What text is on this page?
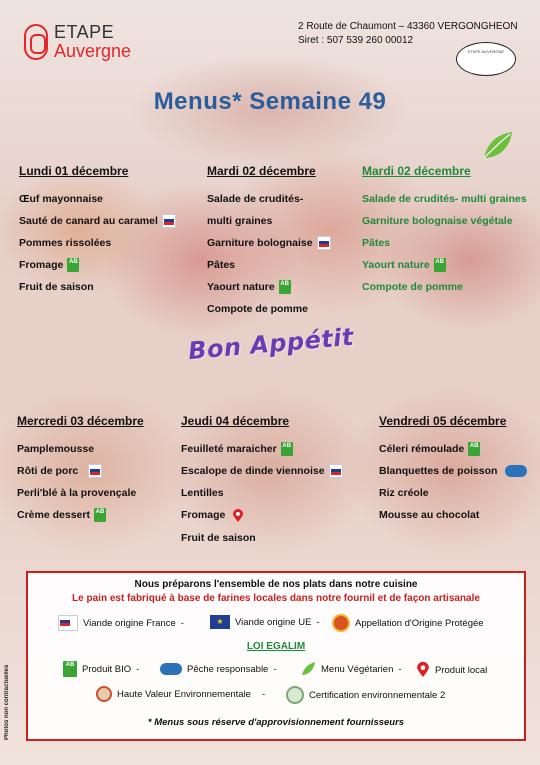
ETAPE
Auvergne
2 Route de Chaumont – 43360 VERGONGHEON
Siret : 507 539 260 00012
ETAPE AUVERGNE
Menus* Semaine 49
Lundi 01 décembre
Œuf mayonnaise
Sauté de canard au caramel
Pommes rissolées
Fromage AB
Fruit de saison
Mardi 02 décembre
Salade de crudités-
multi graines
Garniture bolognaise
Pâtes
Yaourt nature AB
Compote de pomme
Mardi 02 décembre
Salade de crudités- multi graines
Garniture bolognaise végétale
Pâtes
Yaourt nature AB
Compote de pomme
Bon Appétit
Mercredi 03 décembre
Pamplemousse
Rôti de porc
Perli'blé à la provençale
Crème dessert AB
Jeudi 04 décembre
Feuilleté maraicher AB
Escalope de dinde viennoise
Lentilles
Fromage
Fruit de saison
Vendredi 05 décembre
Céleri rémoulade AB
Blanquettes de poisson
Riz créole
Mousse au chocolat
Nous préparons l'ensemble de nos plats dans notre cuisine
Le pain est fabriqué à base de farines locales dans notre fournil et de façon artisanale
Viande origine France -	★	Viande origine UE -	Appellation d'Origine Protégée
LOI EGALIM
AB Produit BIO -	Pêche responsable -	Menu Végétarien -	Produit local
Haute Valeur Environnementale -	Certification environnementale 2
* Menus sous réserve d'approvisionnement fournisseurs
Photos non contractuelles
